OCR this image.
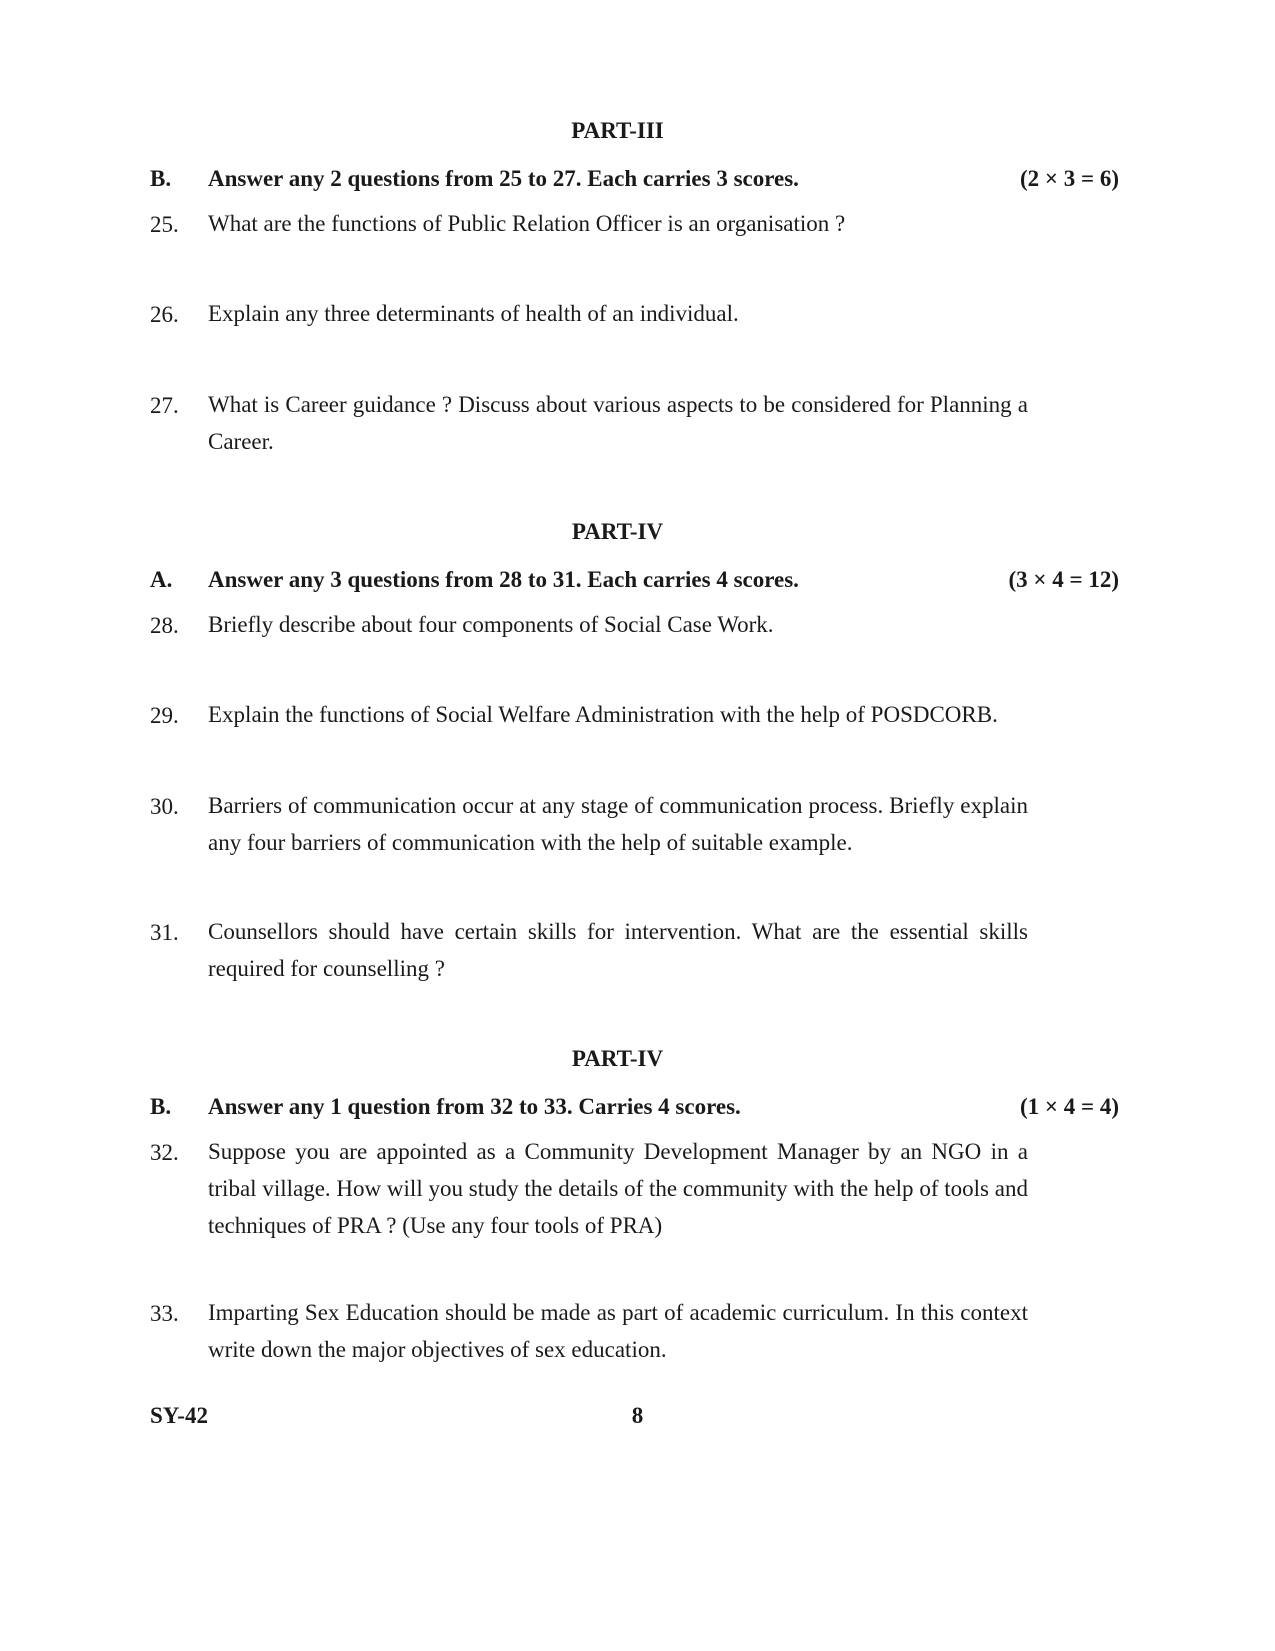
PART-III
B. Answer any 2 questions from 25 to 27. Each carries 3 scores.	(2 × 3 = 6)
25. What are the functions of Public Relation Officer is an organisation ?
26. Explain any three determinants of health of an individual.
27. What is Career guidance ? Discuss about various aspects to be considered for Planning a Career.
PART-IV
A. Answer any 3 questions from 28 to 31. Each carries 4 scores.	(3 × 4 = 12)
28. Briefly describe about four components of Social Case Work.
29. Explain the functions of Social Welfare Administration with the help of POSDCORB.
30. Barriers of communication occur at any stage of communication process. Briefly explain any four barriers of communication with the help of suitable example.
31. Counsellors should have certain skills for intervention. What are the essential skills required for counselling ?
PART-IV
B. Answer any 1 question from 32 to 33. Carries 4 scores.	(1 × 4 = 4)
32. Suppose you are appointed as a Community Development Manager by an NGO in a tribal village. How will you study the details of the community with the help of tools and techniques of PRA ? (Use any four tools of PRA)
33. Imparting Sex Education should be made as part of academic curriculum. In this context write down the major objectives of sex education.
SY-42	8
